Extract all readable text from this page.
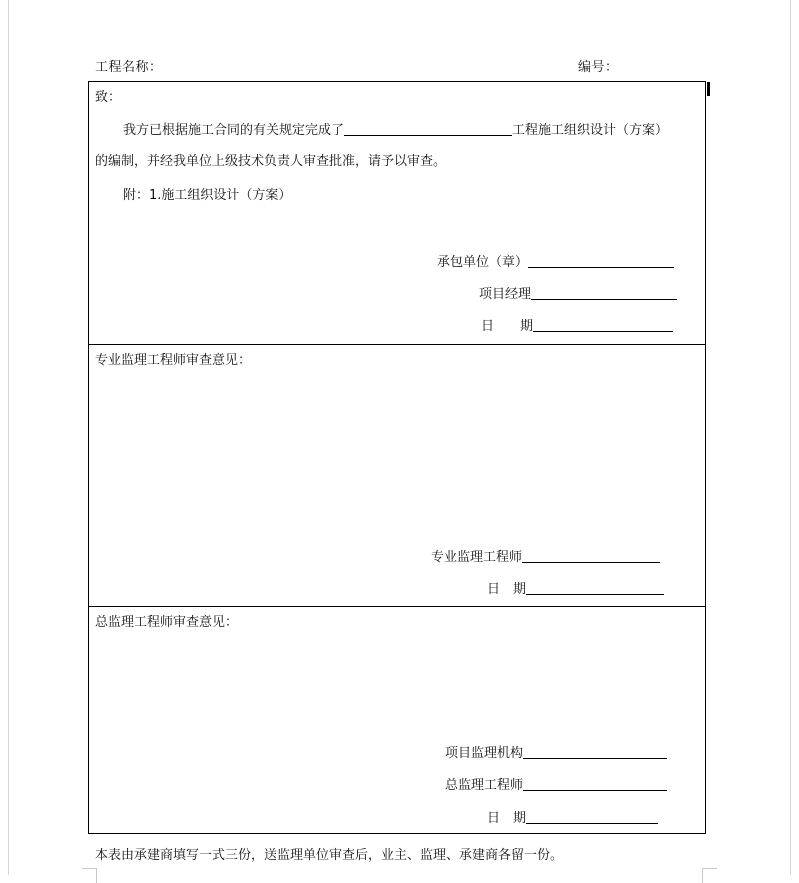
工程名称：	编号：
致：
我方已根据施工合同的有关规定完成了	工程施工组织设计（方案）
的编制，并经我单位上级技术负责人审查批准，请予以审查。
附：1.施工组织设计（方案）
承包单位（章）
项目经理
日　　期
专业监理工程师审查意见：
专业监理工程师
日　期
总监理工程师审查意见：
项目监理机构
总监理工程师
日　期
本表由承建商填写一式三份，送监理单位审查后，业主、监理、承建商各留一份。
